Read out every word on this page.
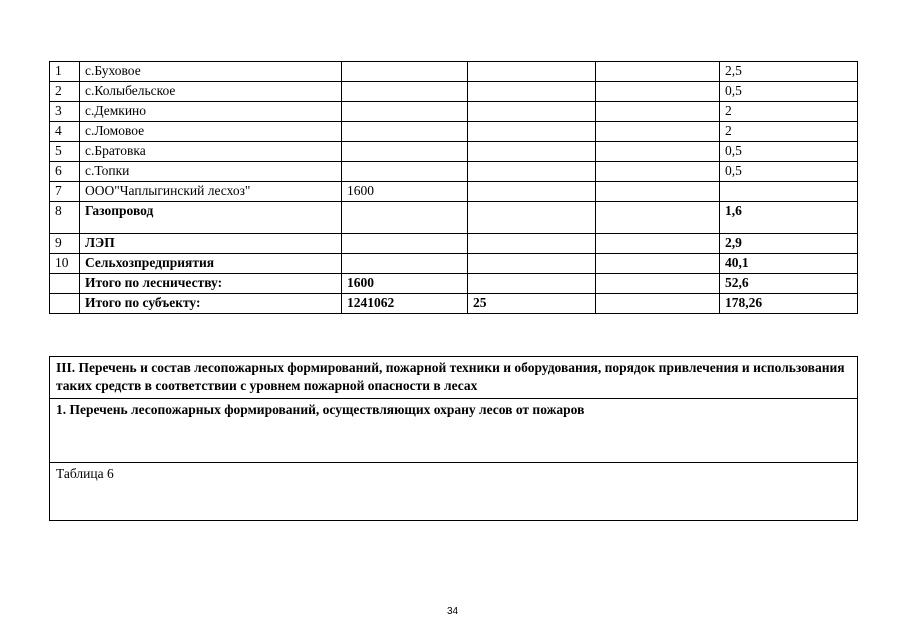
1	с.Буховое				2,5
2	с.Колыбельское				0,5
3	с.Демкино				2
4	с.Ломовое				2
5	с.Братовка				0,5
6	с.Топки				0,5
7	ООО"Чаплыгинский лесхоз"	1600			
8	Газопровод				1,6
9	ЛЭП				2,9
10	Сельхозпредприятия				40,1
	Итого по лесничеству:	1600			52,6
	Итого по субъекту:	1241062	25		178,26
III. Перечень и состав лесопожарных формирований, пожарной техники и оборудования, порядок привлечения и использования таких средств в соответствии с уровнем пожарной опасности в лесах
1. Перечень лесопожарных формирований, осуществляющих охрану лесов от пожаров
Таблица 6
34
